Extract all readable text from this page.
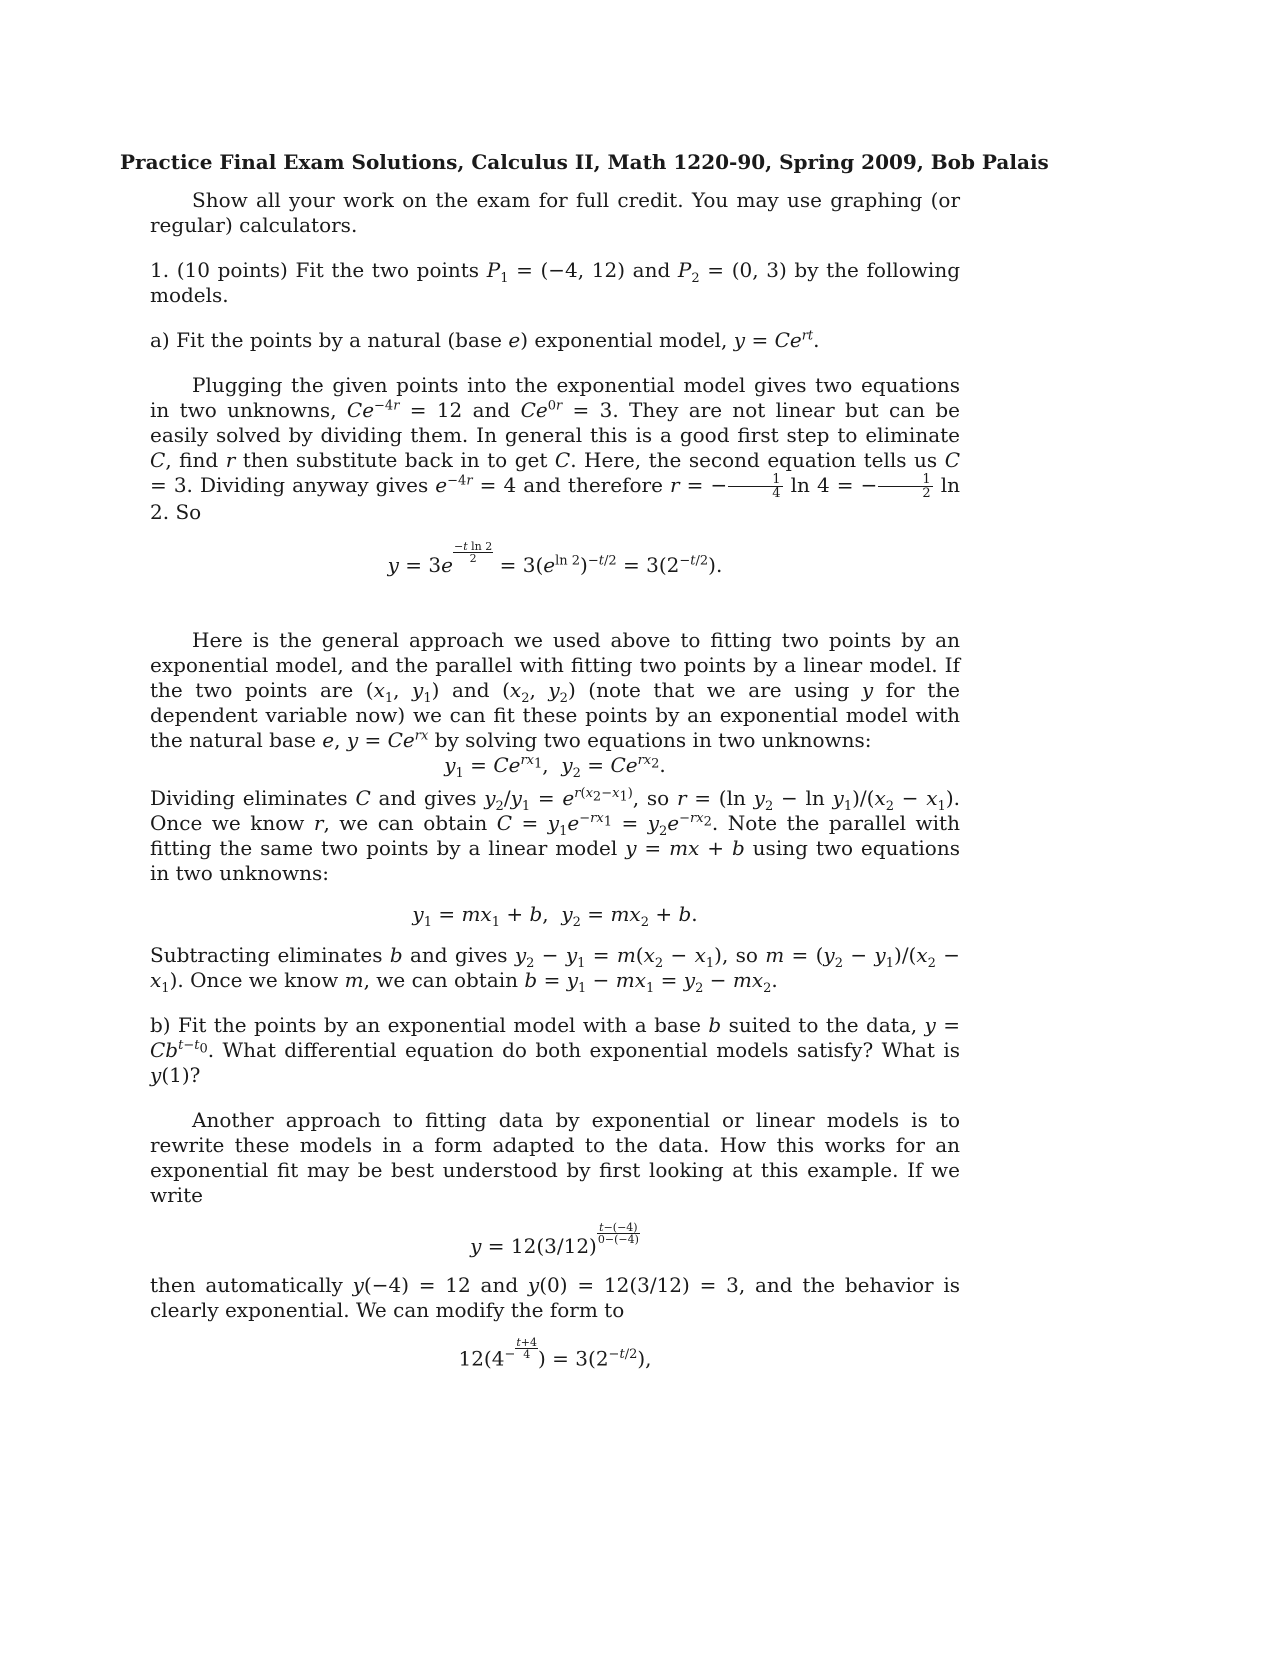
Practice Final Exam Solutions, Calculus II, Math 1220-90, Spring 2009, Bob Palais

Show all your work on the exam for full credit. You may use graphing (or regular) calculators.

1. (10 points) Fit the two points $P_1 = (-4$, 12) and $P_2 = (0$, 3) by the following models.

a) Fit the points by a natural (base e) exponential model, $y = Ce^{rt}$.

Plugging the given points into the exponential model gives two equations in two unknowns, $Ce^{-4r} = 12$ and $Ce^{0r} = 3$. They are not linear but can be easily solved by dividing them. In general this is a good first step to eliminate C, find r then substitute back in to get C. Here, the second equation tells us C = 3. Dividing anyway gives $e^{-4r} = 4$ and therefore r = − $\frac{1}{4}$ ln 4 = − $\frac{1}{2}$ ln 2. So

y = 3e
$\frac{\text{−t ln 2}}{2}$
= $3(e^{ln 2})^{-t/2} = 3(2^{-t/2})$.

Here is the general approach we used above to fitting two points by an exponential model, and the parallel with fitting two points by a linear model. If the two points are ($x_1$, $y_1$) and ($x_2$, $y_2$) (note that we are using y for the dependent variable now) we can fit these points by an exponential model with the natural base e, $y = Ce^{rx}$ by solving two equations in two unknowns:

$y_1 = Ce^{rx_1}$,  $y_2 = Ce^{rx_2}$.

Dividing eliminates C and gives $y_2/y_1 = e^{r(x_2-x_1)}$, so r = (ln $y_2 - \ln y_1)/(x_2 - x_1)$. Once we know r, we can obtain $C = y_1e^{-rx_1} = y_2e^{-rx_2}$. Note the parallel with fitting the same two points by a linear model y = mx + b using two equations in two unknowns:

$y_1 = mx_1 + b$,  $y_2 = mx_2 + b$.

Subtracting eliminates b and gives $y_2 - y_1 = m(x_2 - x_1)$, so $m = (y_2 - y_1)/(x_2 - x_1)$. Once we know m, we can obtain $b = y_1 - mx_1 = y_2 - mx_2$.

b) Fit the points by an exponential model with a base b suited to the data, $y = Cb^{t-t_0}$. What differential equation do both exponential models satisfy? What is y(1)?

Another approach to fitting data by exponential or linear models is to rewrite these models in a form adapted to the data. How this works for an exponential fit may be best understood by first looking at this example. If we write

y = 12(3/12)
$\frac{t-(-4)}{0-(-4)}$

then automatically y(−4) = 12 and y(0) = 12(3/12) = 3, and the behavior is clearly exponential. We can modify the form to

$12(4^{- \frac{t+4}{4}}$ ) = $3(2^{-t/2})$,
